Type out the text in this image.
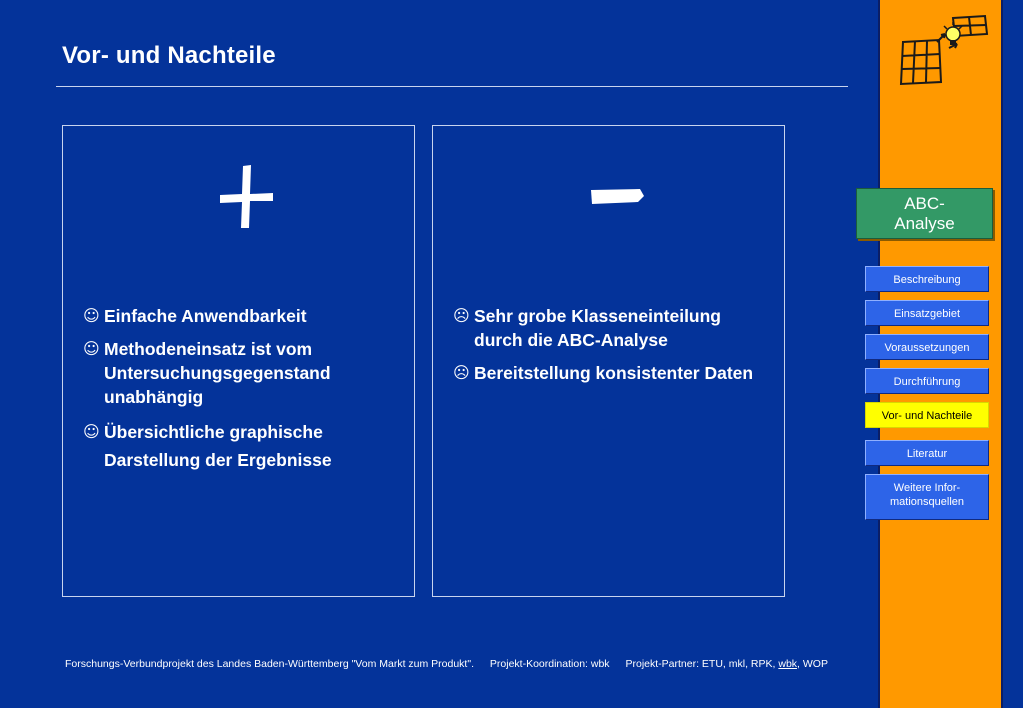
Vor- und Nachteile
☺ Einfache Anwendbarkeit
☺ Methodeneinsatz ist vom Untersuchungsgegenstand unabhängig
☺ Übersichtliche graphische Darstellung der Ergebnisse
☹ Sehr grobe Klasseneinteilung durch die ABC-Analyse
☹ Bereitstellung konsistenter Daten
Forschungs-Verbundprojekt des Landes Baden-Württemberg "Vom Markt zum Produkt". Projekt-Koordination: wbk Projekt-Partner: ETU, mkl, RPK, wbk, WOP
ABC-
Analyse
Beschreibung
Einsatzgebiet
Voraussetzungen
Durchführung
Vor- und Nachteile
Literatur
Weitere Infor-
mationsquellen
